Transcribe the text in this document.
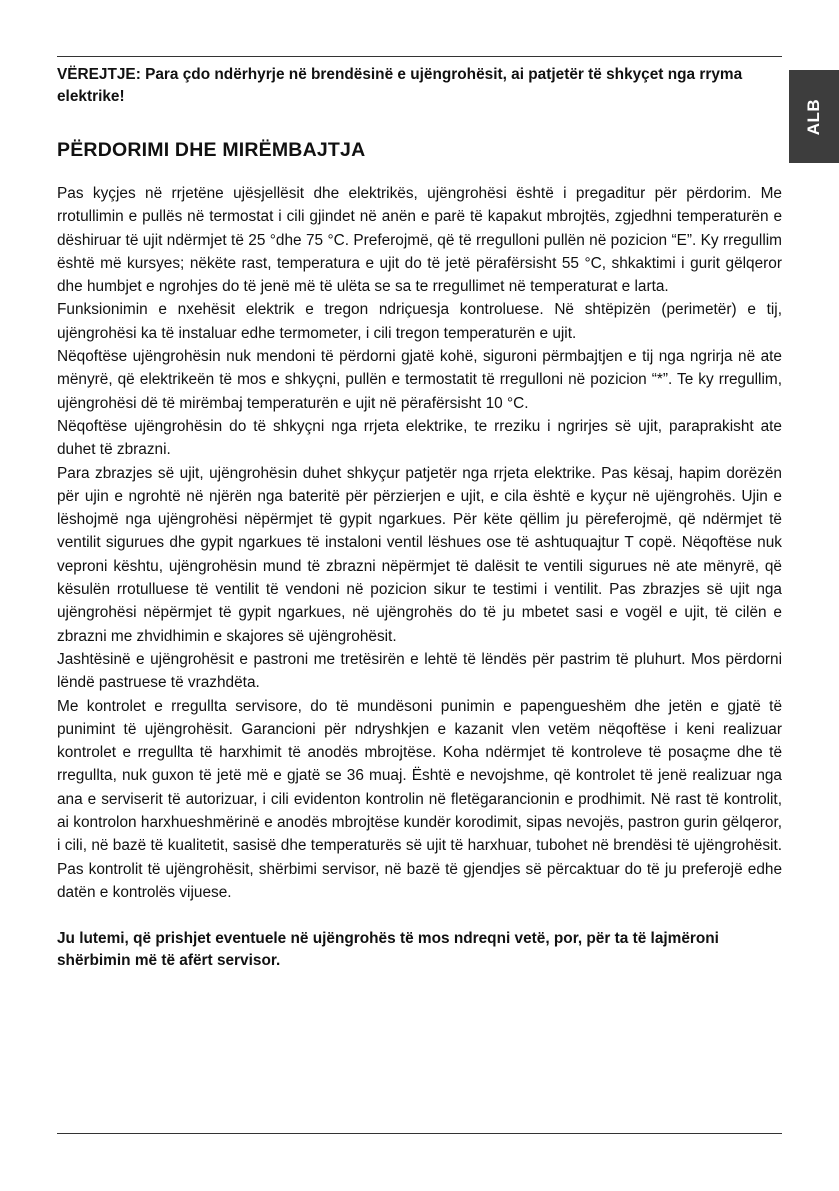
ALB

VËREJTJE: Para çdo ndërhyrje në brendësinë e ujëngrohësit, ai patjetër të shkyçet nga rryma elektrike!

PËRDORIMI DHE MIRËMBAJTJA

Pas kyçjes në rrjetëne ujësjellësit dhe elektrikës, ujëngrohësi është i pregaditur për përdorim. Me rrotullimin e pullës në termostat i cili gjindet në anën e parë të kapakut mbrojtës, zgjedhni temperaturën e dëshiruar të ujit ndërmjet të 25 °dhe 75 °C. Preferojmë, që të rregulloni pullën në pozicion “E”. Ky rregullim është më kursyes; nëkëte rast, temperatura e ujit do të jetë përafërsisht 55 °C, shkaktimi i gurit gëlqeror dhe humbjet e ngrohjes do të jenë më të ulëta se sa te rregullimet në temperaturat e larta.

Funksionimin e nxehësit elektrik e tregon ndriçuesja kontroluese. Në shtëpizën (perimetër) e tij, ujëngrohësi ka të instaluar edhe termometer, i cili tregon temperaturën e ujit.

Nëqoftëse ujëngrohësin nuk mendoni të përdorni gjatë kohë, siguroni përmbajtjen e tij nga ngrirja në ate mënyrë, që elektrikeën të mos e shkyçni, pullën e termostatit të rregulloni në pozicion “*”. Te ky rregullim, ujëngrohësi dë të mirëmbaj temperaturën e ujit në përafërsisht 10 °C.

Nëqoftëse ujëngrohësin do të shkyçni nga rrjeta elektrike, te rreziku i ngrirjes së ujit, paraprakisht ate duhet të zbrazni.

Para zbrazjes së ujit, ujëngrohësin duhet shkyçur patjetër nga rrjeta elektrike. Pas kësaj, hapim dorëzën për ujin e ngrohtë në njërën nga bateritë për përzierjen e ujit, e cila është e kyçur në ujëngrohës. Ujin e lëshojmë nga ujëngrohësi nëpërmjet të gypit ngarkues. Për këte qëllim ju përeferojmë, që ndërmjet të ventilit sigurues dhe gypit ngarkues të instaloni ventil lëshues ose të ashtuquajtur T copë. Nëqoftëse nuk veproni kështu, ujëngrohësin mund të zbrazni nëpërmjet të dalësit te ventili sigurues në ate mënyrë, që kësulën rrotulluese të ventilit të vendoni në pozicion sikur te testimi i ventilit. Pas zbrazjes së ujit nga ujëngrohësi nëpërmjet të gypit ngarkues, në ujëngrohës do të ju mbetet sasi e vogël e ujit, të cilën e zbrazni me zhvidhimin e skajores së ujëngrohësit.

Jashtësinë e ujëngrohësit e pastroni me tretësirën e lehtë të lëndës për pastrim të pluhurt. Mos përdorni lëndë pastruese të vrazhdëta.

Me kontrolet e rregullta servisore, do të mundësoni punimin e papengueshëm dhe jetën e gjatë të punimint të ujëngrohësit. Garancioni për ndryshkjen e kazanit vlen vetëm nëqoftëse i keni realizuar kontrolet e rregullta të harxhimit të anodës mbrojtëse. Koha ndërmjet të kontroleve të posaçme dhe të rregullta, nuk guxon të jetë më e gjatë se 36 muaj. Është e nevojshme, që kontrolet të jenë realizuar nga ana e serviserit të autorizuar, i cili evidenton kontrolin në fletëgarancionin e prodhimit. Në rast të kontrolit, ai kontrolon harxhueshmërinë e anodës mbrojtëse kundër korodimit, sipas nevojës, pastron gurin gëlqeror, i cili, në bazë të kualitetit, sasisë dhe temperaturës së ujit të harxhuar, tubohet në brendësi të ujëngrohësit. Pas kontrolit të ujëngrohësit, shërbimi servisor, në bazë të gjendjes së përcaktuar do të ju preferojë edhe datën e kontrolës vijuese.

Ju lutemi, që prishjet eventuele në ujëngrohës të mos ndreqni vetë, por, për ta të lajmëroni shërbimin më të afërt servisor.
